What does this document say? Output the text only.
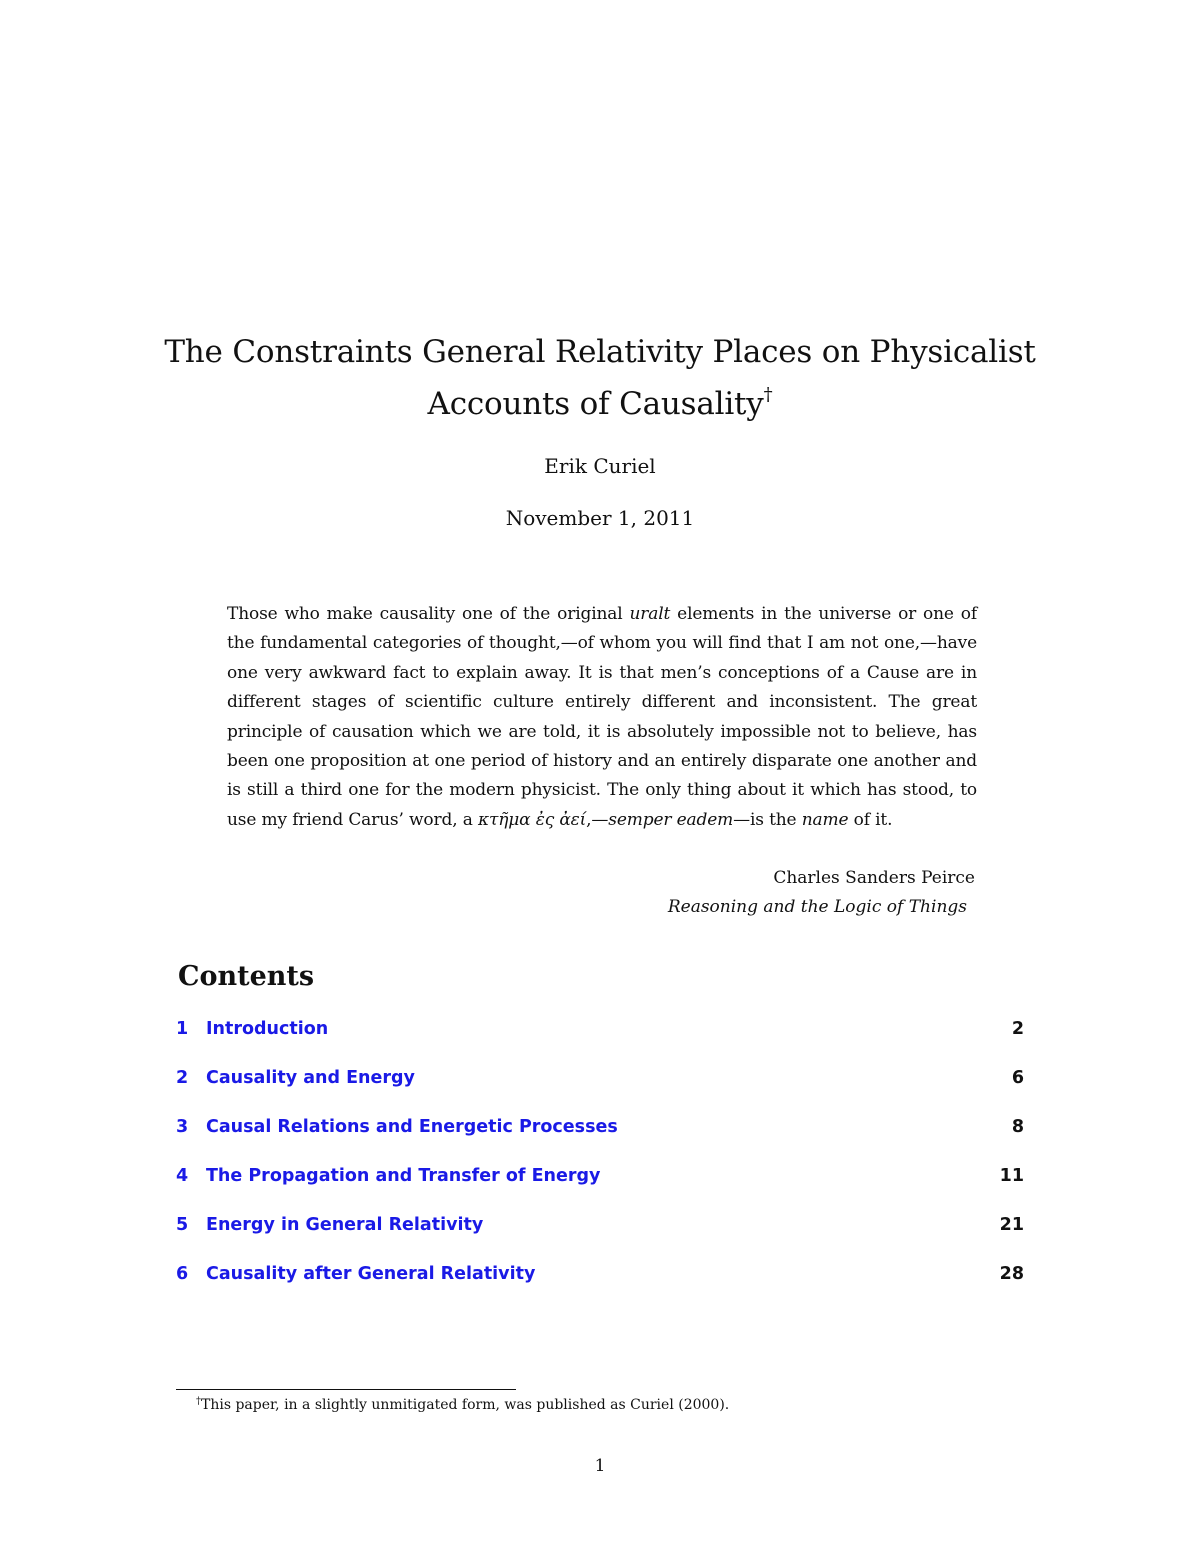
The Constraints General Relativity Places on Physicalist
Accounts of Causality†
Erik Curiel
November 1, 2011

Those who make causality one of the original uralt elements in the universe or one of the fundamental categories of thought,—of whom you will find that I am not one,—have one very awkward fact to explain away. It is that men’s conceptions of a Cause are in different stages of scientific culture entirely different and inconsistent. The great principle of causation which we are told, it is absolutely impossible not to believe, has been one proposition at one period of history and an entirely disparate one another and is still a third one for the modern physicist. The only thing about it which has stood, to use my friend Carus’ word, a κτῆμα ἐς ἀεί,—semper eadem—is the name of it.

Charles Sanders Peirce
Reasoning and the Logic of Things
Contents
1	Introduction	2
2	Causality and Energy	6
3	Causal Relations and Energetic Processes	8
4	The Propagation and Transfer of Energy	11
5	Energy in General Relativity	21
6	Causality after General Relativity	28
†This paper, in a slightly unmitigated form, was published as Curiel (2000).
1
